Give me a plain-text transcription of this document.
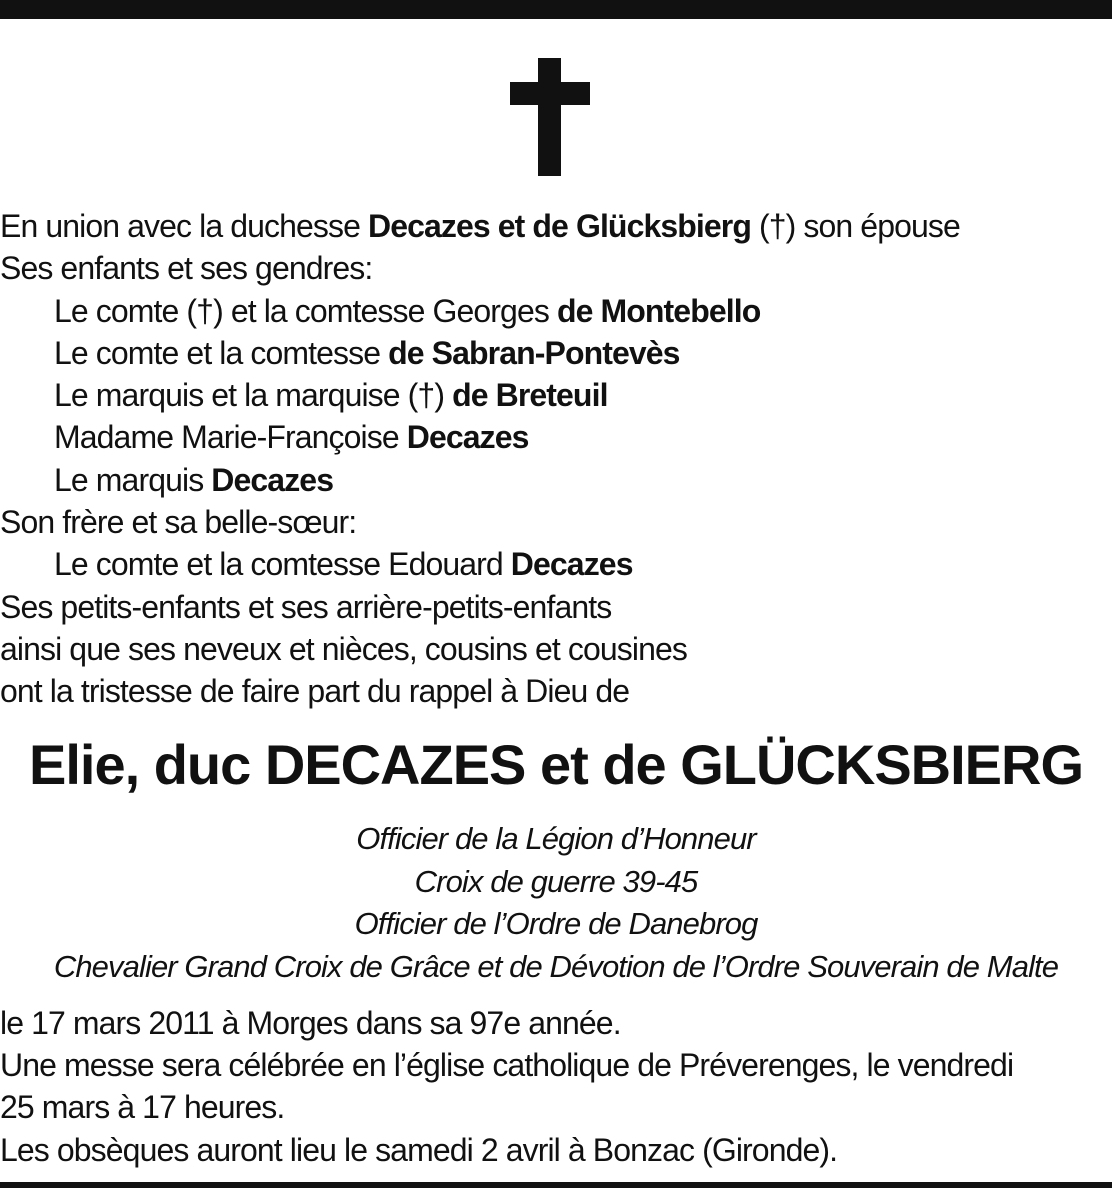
En union avec la duchesse Decazes et de Glücksbierg (†) son épouse
Ses enfants et ses gendres:
Le comte (†) et la comtesse Georges de Montebello
Le comte et la comtesse de Sabran-Pontevès
Le marquis et la marquise (†) de Breteuil
Madame Marie-Françoise Decazes
Le marquis Decazes
Son frère et sa belle-sœur:
Le comte et la comtesse Edouard Decazes
Ses petits-enfants et ses arrière-petits-enfants
ainsi que ses neveux et nièces, cousins et cousines
ont la tristesse de faire part du rappel à Dieu de
Elie, duc DECAZES et de GLÜCKSBIERG
Officier de la Légion d’Honneur
Croix de guerre 39-45
Officier de l’Ordre de Danebrog
Chevalier Grand Croix de Grâce et de Dévotion de l’Ordre Souverain de Malte
le 17 mars 2011 à Morges dans sa 97e année.
Une messe sera célébrée en l’église catholique de Préverenges, le vendredi
25 mars à 17 heures.
Les obsèques auront lieu le samedi 2 avril à Bonzac (Gironde).
